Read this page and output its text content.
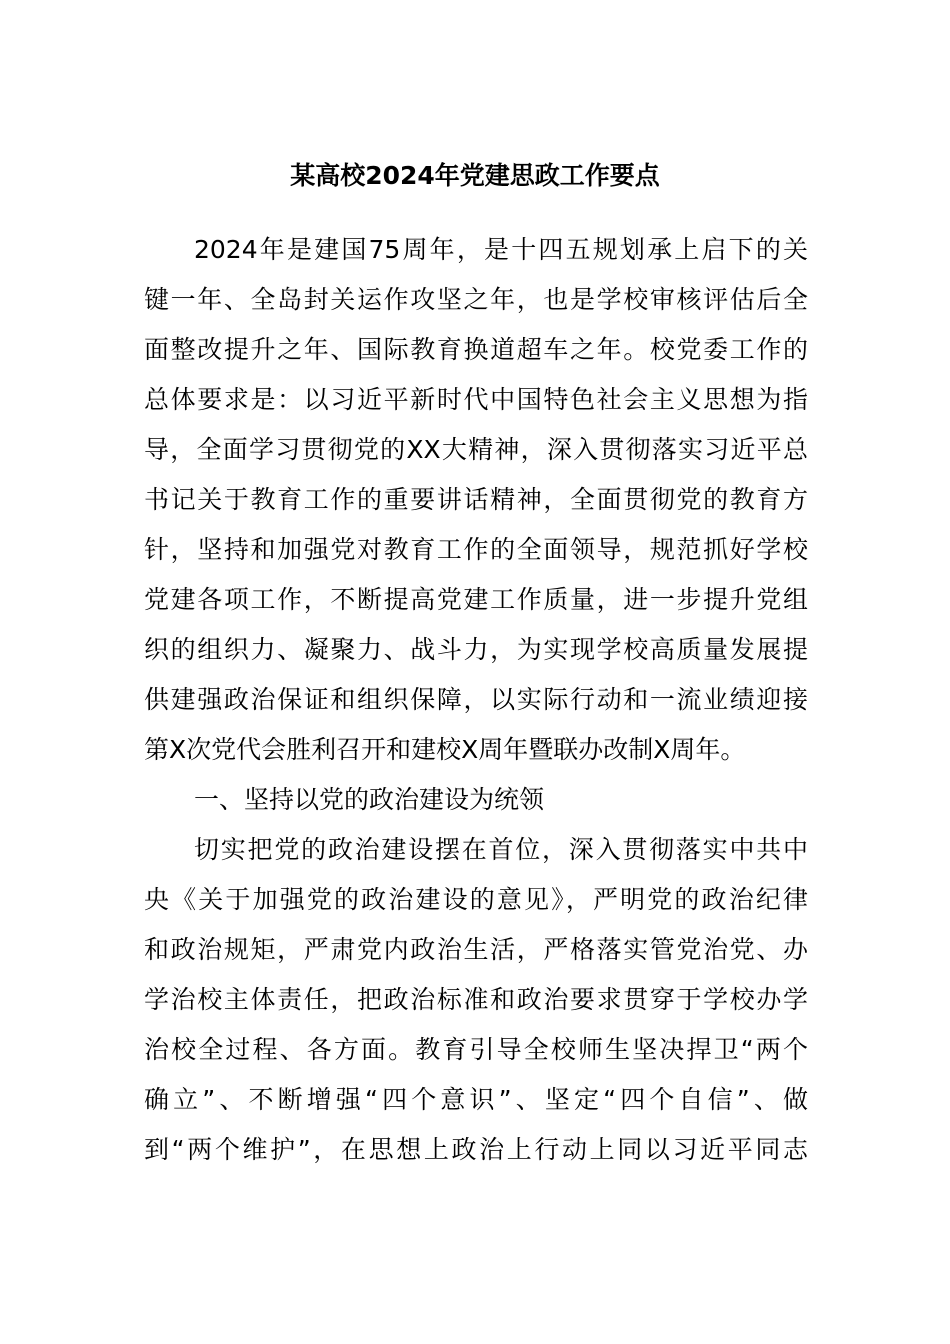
某高校2024年党建思政工作要点
2024年是建国75周年，是十四五规划承上启下的关
键一年、全岛封关运作攻坚之年，也是学校审核评估后全
面整改提升之年、国际教育换道超车之年。校党委工作的
总体要求是：以习近平新时代中国特色社会主义思想为指
导，全面学习贯彻党的XX大精神，深入贯彻落实习近平总
书记关于教育工作的重要讲话精神，全面贯彻党的教育方
针，坚持和加强党对教育工作的全面领导，规范抓好学校
党建各项工作，不断提高党建工作质量，进一步提升党组
织的组织力、凝聚力、战斗力，为实现学校高质量发展提
供建强政治保证和组织保障，以实际行动和一流业绩迎接
第X次党代会胜利召开和建校X周年暨联办改制X周年。
一、坚持以党的政治建设为统领
切实把党的政治建设摆在首位，深入贯彻落实中共中
央《关于加强党的政治建设的意见》，严明党的政治纪律
和政治规矩，严肃党内政治生活，严格落实管党治党、办
学治校主体责任，把政治标准和政治要求贯穿于学校办学
治校全过程、各方面。教育引导全校师生坚决捍卫“两个
确立”、不断增强“四个意识”、坚定“四个自信”、做
到“两个维护”，在思想上政治上行动上同以习近平同志
